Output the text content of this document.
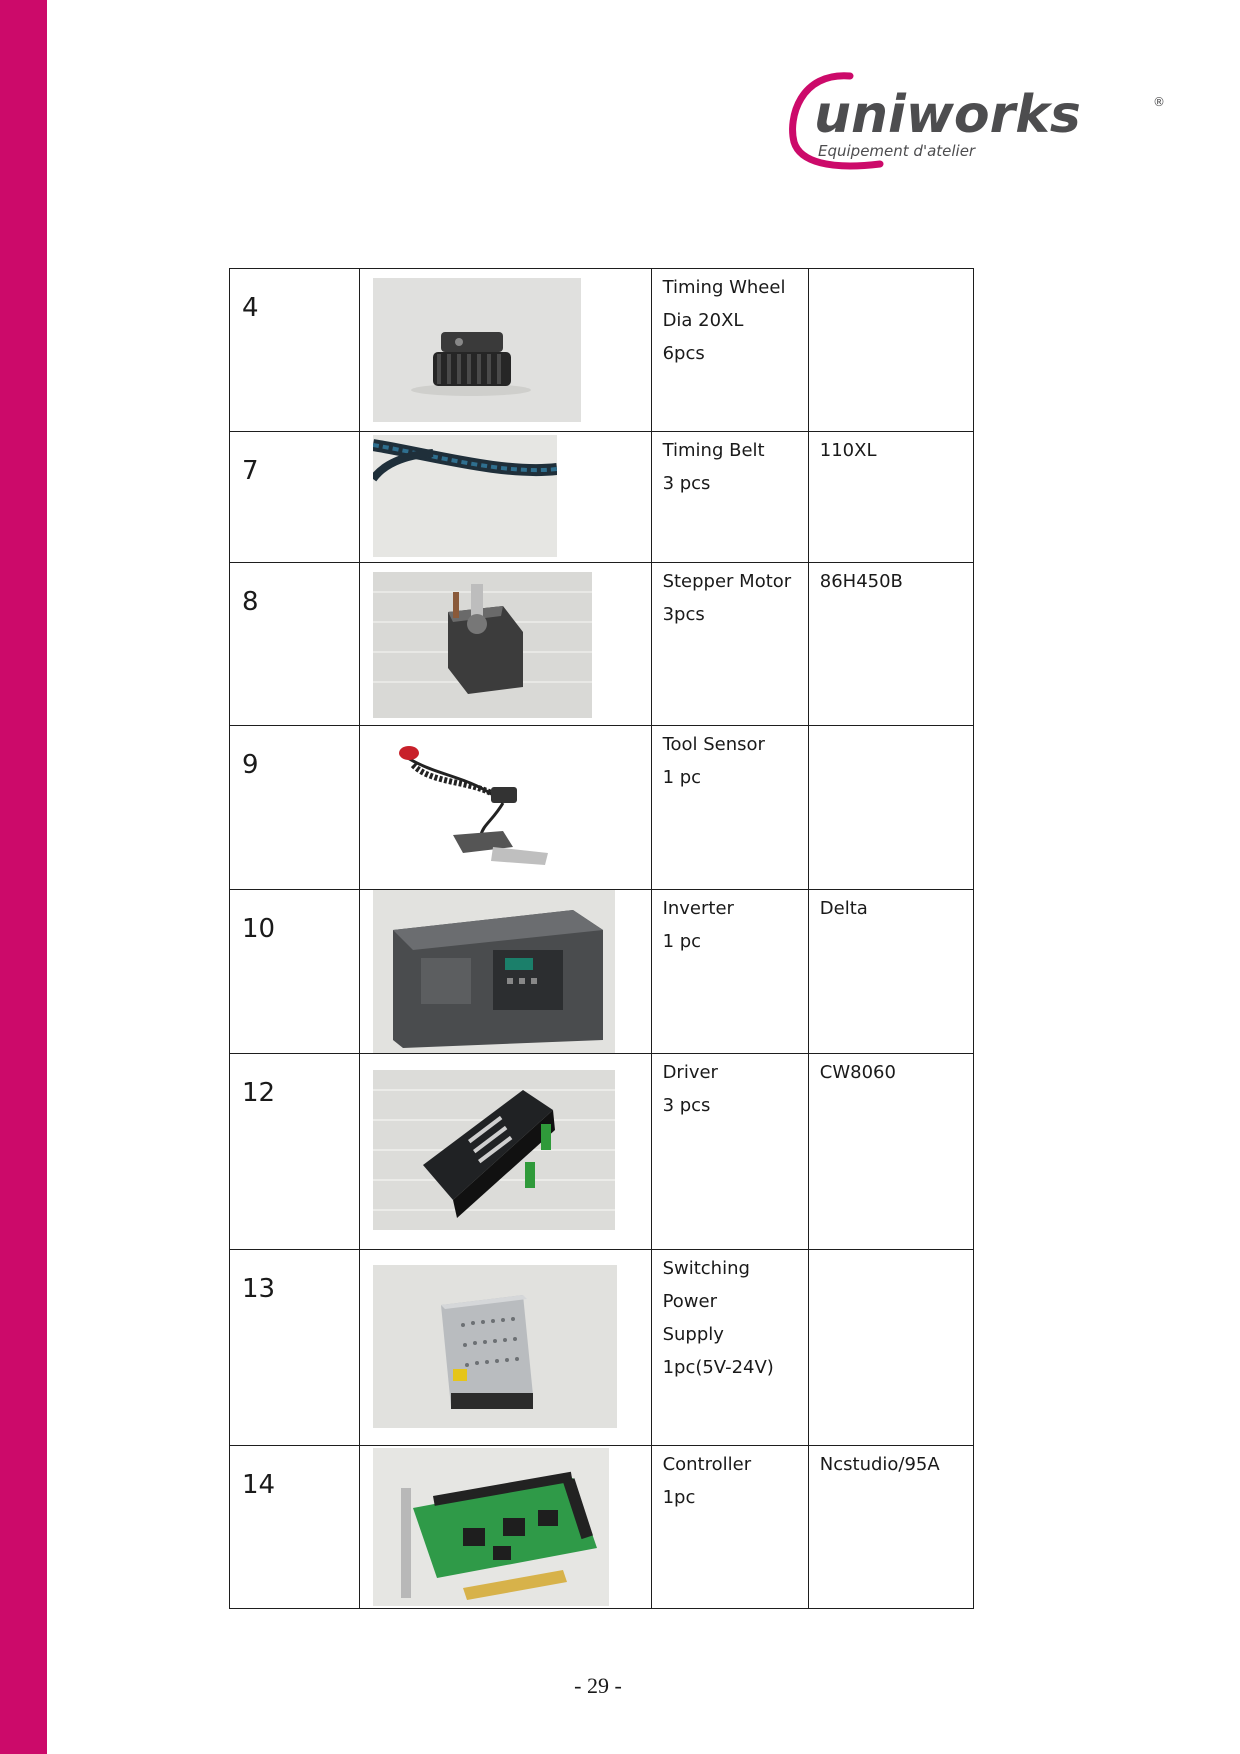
uniworks	®
Equipement d'atelier
4		Timing Wheel
Dia 20XL
6pcs	

7		Timing Belt
3 pcs	110XL

8		Stepper Motor
3pcs	86H450B

9		Tool Sensor
1 pc	

10		Inverter
1 pc	Delta

12		Driver
3 pcs	CW8060

13		Switching
Power
Supply
1pc(5V-24V)	

14		Controller
1pc	Ncstudio/95A
- 29 -
